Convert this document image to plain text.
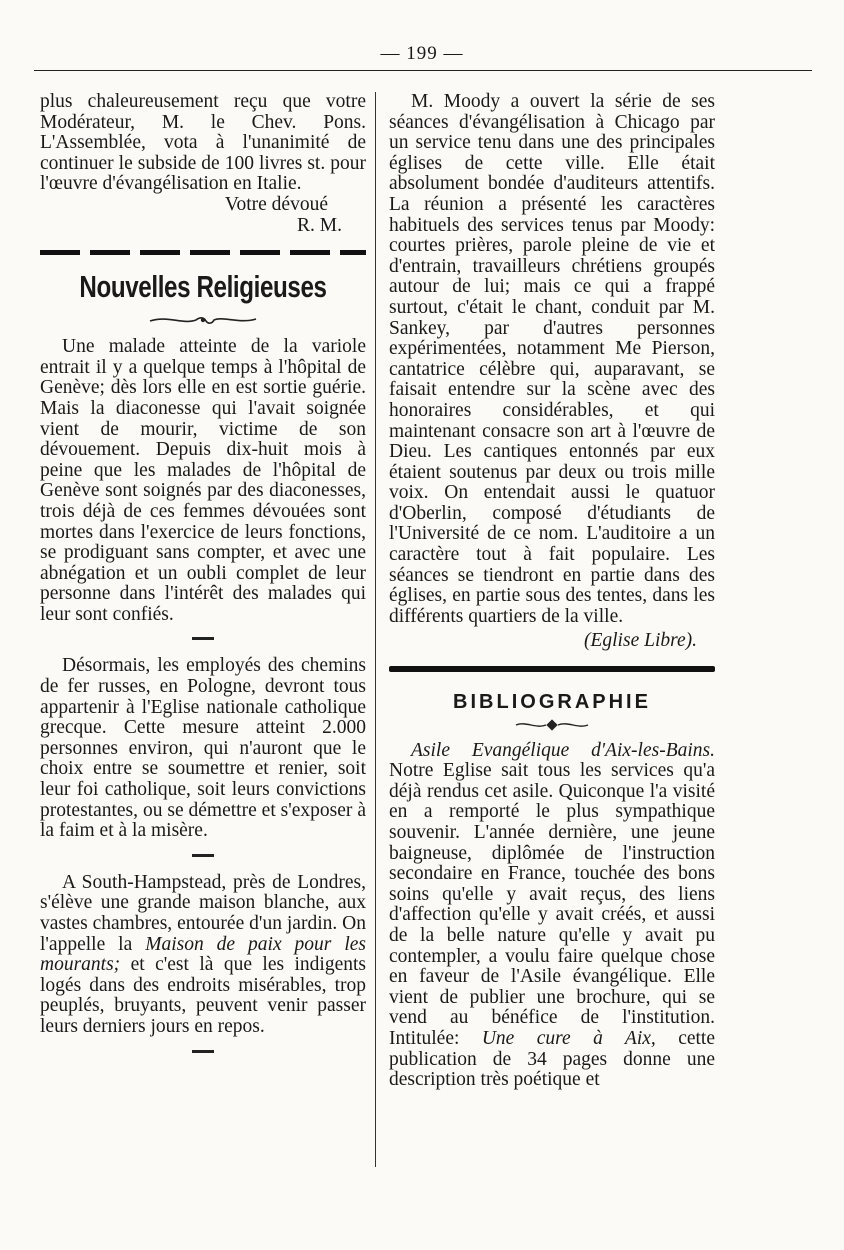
— 199 —

plus chaleureusement reçu que votre Modérateur, M. le Chev. Pons. L'Assemblée, vota à l'unanimité de continuer le subside de 100 livres st. pour l'œuvre d'évangélisation en Italie.

Votre dévoué

R. M.

Nouvelles Religieuses

Une malade atteinte de la variole entrait il y a quelque temps à l'hôpital de Genève; dès lors elle en est sortie guérie. Mais la diaconesse qui l'avait soignée vient de mourir, victime de son dévouement. Depuis dix-huit mois à peine que les malades de l'hôpital de Genève sont soignés par des diaconesses, trois déjà de ces femmes dévouées sont mortes dans l'exercice de leurs fonctions, se prodiguant sans compter, et avec une abnégation et un oubli complet de leur personne dans l'intérêt des malades qui leur sont confiés.

Désormais, les employés des chemins de fer russes, en Pologne, devront tous appartenir à l'Eglise nationale catholique grecque. Cette mesure atteint 2.000 personnes environ, qui n'auront que le choix entre se soumettre et renier, soit leur foi catholique, soit leurs convictions protestantes, ou se démettre et s'exposer à la faim et à la misère.

A South-Hampstead, près de Londres, s'élève une grande maison blanche, aux vastes chambres, entourée d'un jardin. On l'appelle la Maison de paix pour les mourants; et c'est là que les indigents logés dans des endroits misérables, trop peuplés, bruyants, peuvent venir passer leurs derniers jours en repos.

M. Moody a ouvert la série de ses séances d'évangélisation à Chicago par un service tenu dans une des principales églises de cette ville. Elle était absolument bondée d'auditeurs attentifs. La réunion a présenté les caractères habituels des services tenus par Moody: courtes prières, parole pleine de vie et d'entrain, travailleurs chrétiens groupés autour de lui; mais ce qui a frappé surtout, c'était le chant, conduit par M. Sankey, par d'autres personnes expérimentées, notamment Me Pierson, cantatrice célèbre qui, auparavant, se faisait entendre sur la scène avec des honoraires considérables, et qui maintenant consacre son art à l'œuvre de Dieu. Les cantiques entonnés par eux étaient soutenus par deux ou trois mille voix. On entendait aussi le quatuor d'Oberlin, composé d'étudiants de l'Université de ce nom. L'auditoire a un caractère tout à fait populaire. Les séances se tiendront en partie dans des églises, en partie sous des tentes, dans les différents quartiers de la ville.

(Eglise Libre).

BIBLIOGRAPHIE

Asile Evangélique d'Aix-les-Bains. Notre Eglise sait tous les services qu'a déjà rendus cet asile. Quiconque l'a visité en a remporté le plus sympathique souvenir. L'année dernière, une jeune baigneuse, diplômée de l'instruction secondaire en France, touchée des bons soins qu'elle y avait reçus, des liens d'affection qu'elle y avait créés, et aussi de la belle nature qu'elle y avait pu contempler, a voulu faire quelque chose en faveur de l'Asile évangélique. Elle vient de publier une brochure, qui se vend au bénéfice de l'institution. Intitulée: Une cure à Aix, cette publication de 34 pages donne une description très poétique et
